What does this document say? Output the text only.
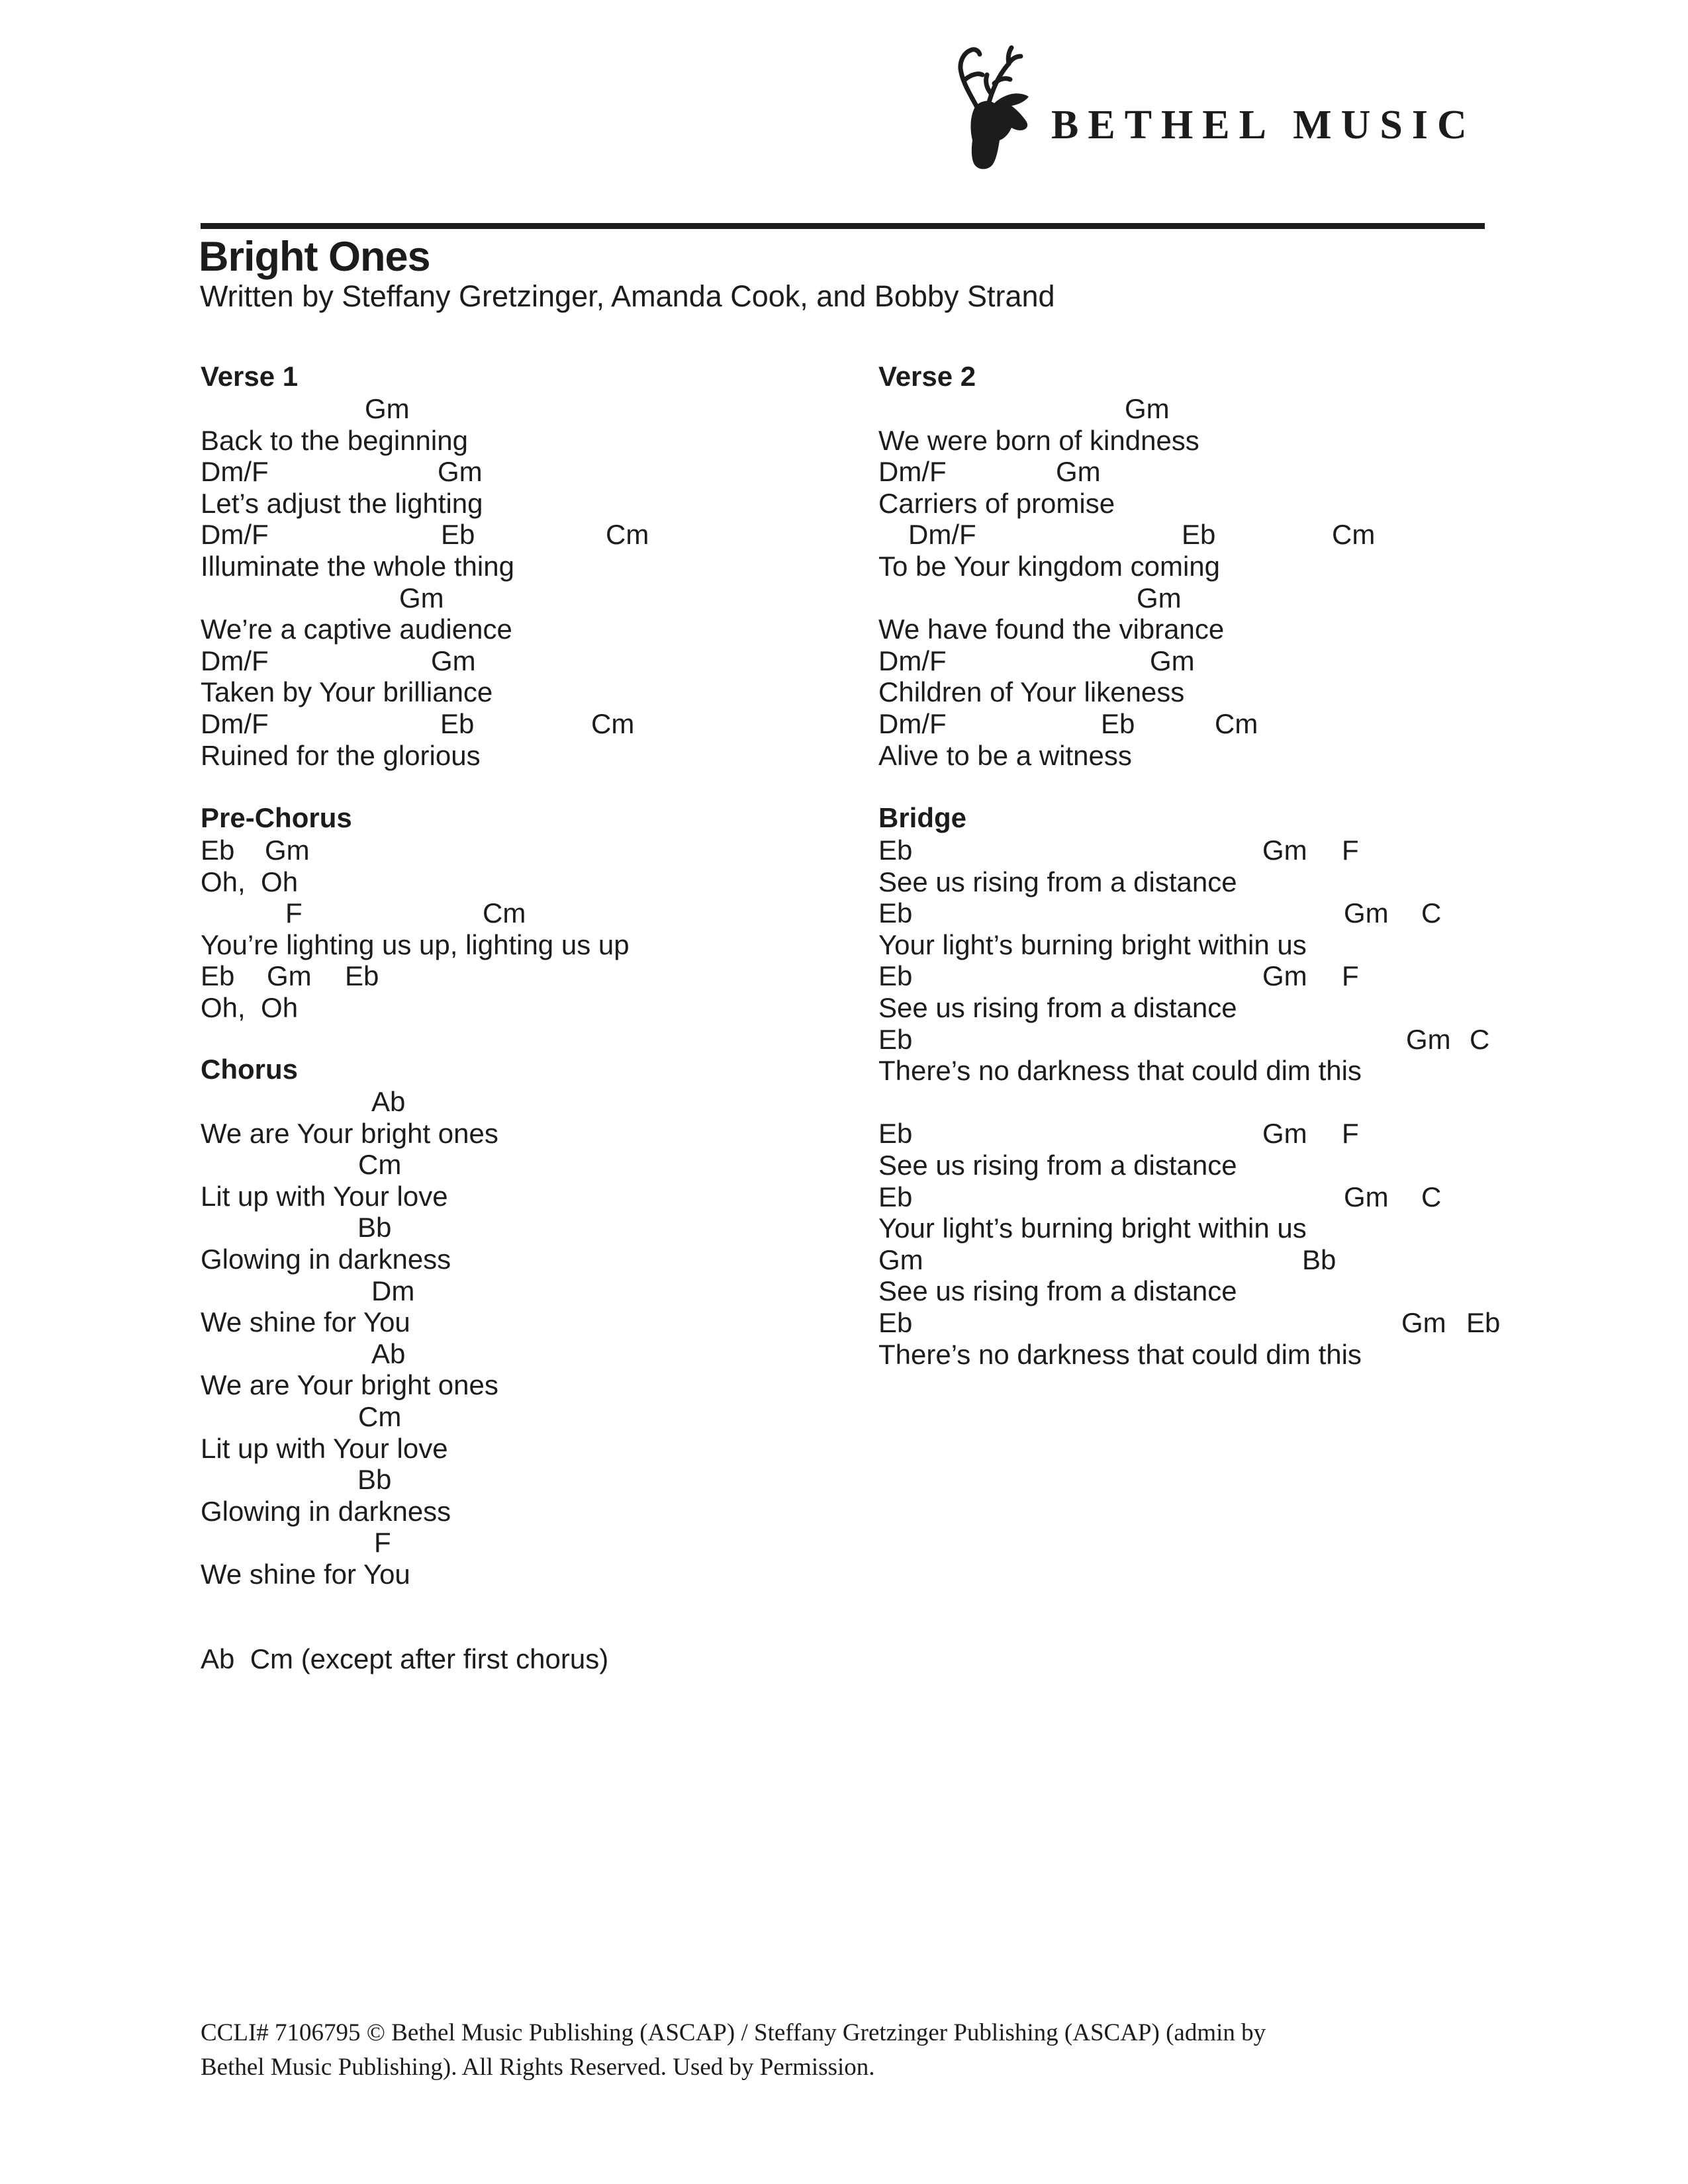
BETHEL MUSIC
Bright Ones
Written by Steffany Gretzinger, Amanda Cook, and Bobby Strand
Verse 1
Gm
Back to the beginning
Dm/F	Gm
Let’s adjust the lighting
Dm/F	Eb	Cm
Illuminate the whole thing
Gm
We’re a captive audience
Dm/F	Gm
Taken by Your brilliance
Dm/F	Eb	Cm
Ruined for the glorious
Verse 2
Gm
We were born of kindness
Dm/F	Gm
Carriers of promise
Dm/F	Eb	Cm
To be Your kingdom coming
Gm
We have found the vibrance
Dm/F	Gm
Children of Your likeness
Dm/F	Eb	Cm
Alive to be a witness
Pre-Chorus
Eb Gm
Oh,  Oh
F	Cm
You’re lighting us up, lighting us up
Eb Gm Eb
Oh,  Oh
Bridge
Eb	Gm F
See us rising from a distance
Eb	Gm C
Your light’s burning bright within us
Eb	Gm F
See us rising from a distance
Eb	Gm C
There’s no darkness that could dim this
Eb	Gm F
See us rising from a distance
Eb	Gm C
Your light’s burning bright within us
Gm	Bb
See us rising from a distance
Eb	Gm Eb
There’s no darkness that could dim this
Chorus
Ab
We are Your bright ones
Cm
Lit up with Your love
Bb
Glowing in darkness
Dm
We shine for You
Ab
We are Your bright ones
Cm
Lit up with Your love
Bb
Glowing in darkness
F
We shine for You
Ab  Cm (except after first chorus)
CCLI# 7106795 © Bethel Music Publishing (ASCAP) / Steffany Gretzinger Publishing (ASCAP) (admin by
Bethel Music Publishing). All Rights Reserved. Used by Permission.
